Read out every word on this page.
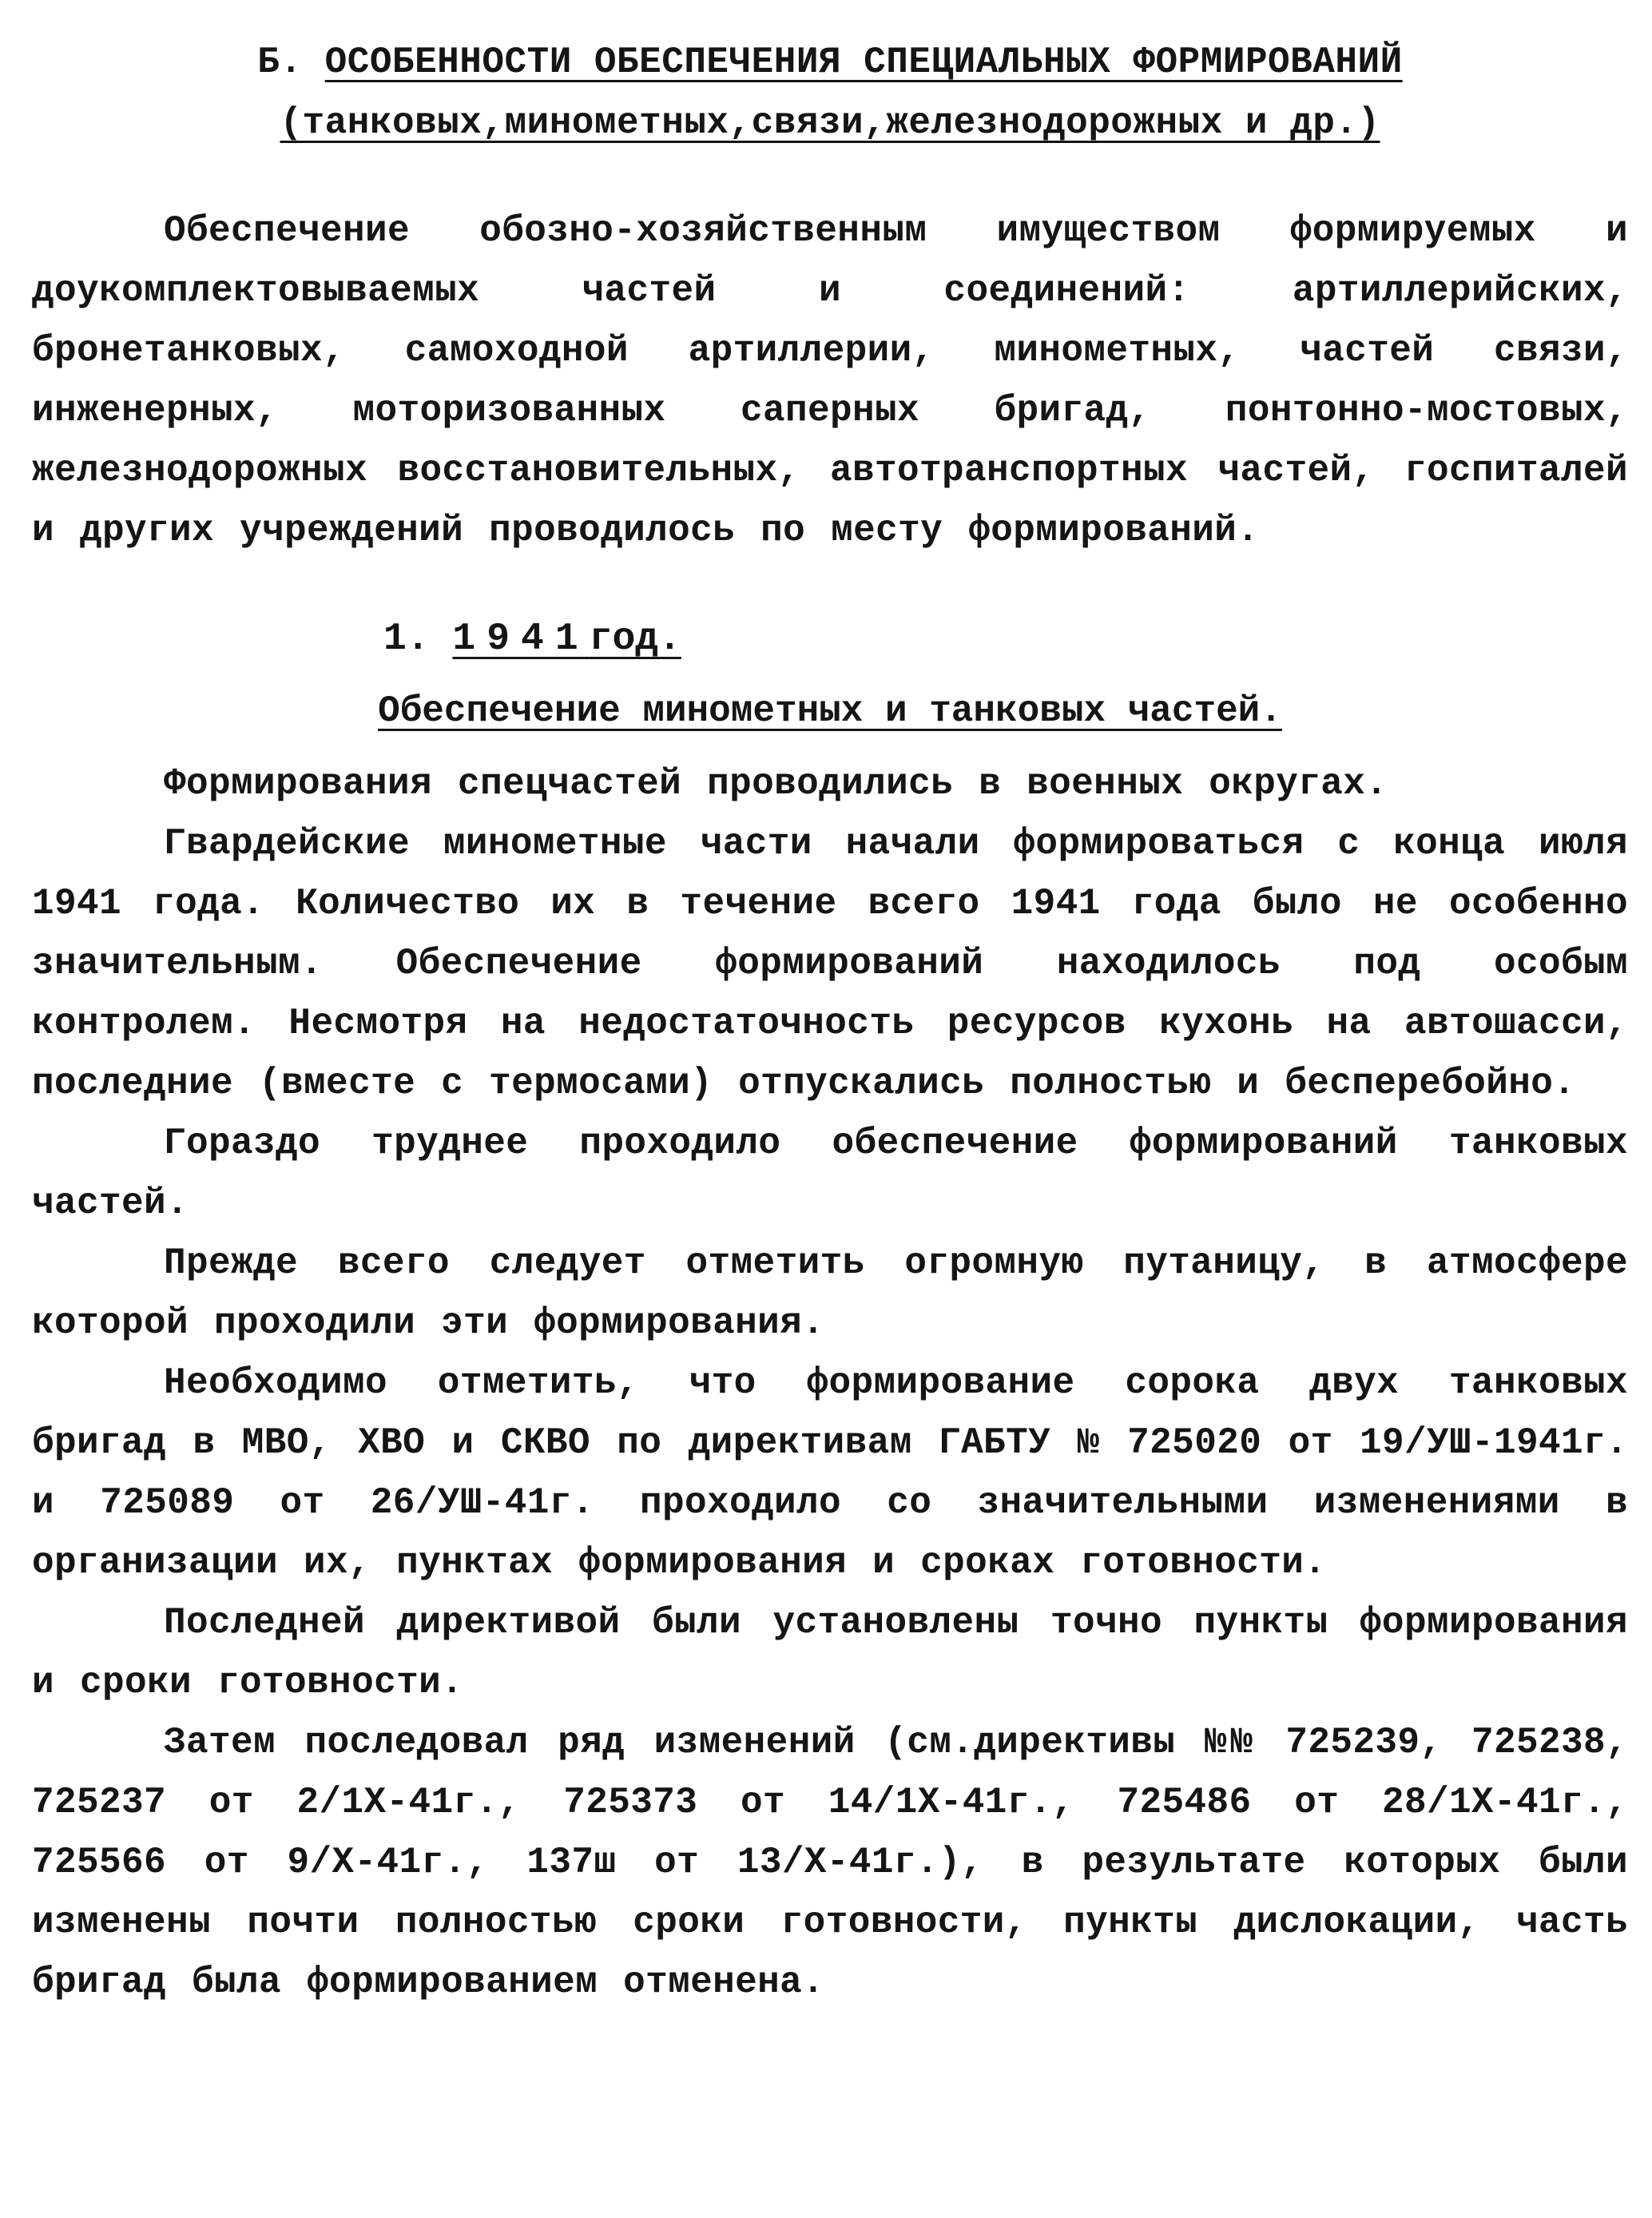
Б. ОСОБЕННОСТИ ОБЕСПЕЧЕНИЯ СПЕЦИАЛЬНЫХ ФОРМИРОВАНИЙ
(танковых,минометных,связи,железнодорожных и др.)

Обеспечение обозно-хозяйственным имуществом формируемых и доукомплектовываемых частей и соединений: артиллерийских, бронетанковых, самоходной артиллерии, минометных, частей связи, инженерных, моторизованных саперных бригад, понтонно-мостовых, железнодорожных восстановительных, автотранспортных частей, госпиталей и других учреждений проводилось по месту формирований.

1. 1941год.
Обеспечение минометных и танковых частей.

Формирования спецчастей проводились в военных округах.

Гвардейские минометные части начали формироваться с конца июля 1941 года. Количество их в течение всего 1941 года было не особенно значительным. Обеспечение формирований находилось под особым контролем. Несмотря на недостаточность ресурсов кухонь на автошасси, последние (вместе с термосами) отпускались полностью и бесперебойно.

Гораздо труднее проходило обеспечение формирований танковых частей.

Прежде всего следует отметить огромную путаницу, в атмосфере которой проходили эти формирования.

Необходимо отметить, что формирование сорока двух танковых бригад в МВО, ХВО и СКВО по директивам ГАБТУ № 725020 от 19/УШ-1941г. и 725089 от 26/УШ-41г. проходило со значительными изменениями в организации их, пунктах формирования и сроках готовности.

Последней директивой были установлены точно пункты формирования и сроки готовности.

Затем последовал ряд изменений (см.директивы №№ 725239, 725238, 725237 от 2/1Х-41г., 725373 от 14/1Х-41г., 725486 от 28/1Х-41г., 725566 от 9/Х-41г., 137ш от 13/Х-41г.), в результате которых были изменены почти полностью сроки готовности, пункты дислокации, часть бригад была формированием отменена.
